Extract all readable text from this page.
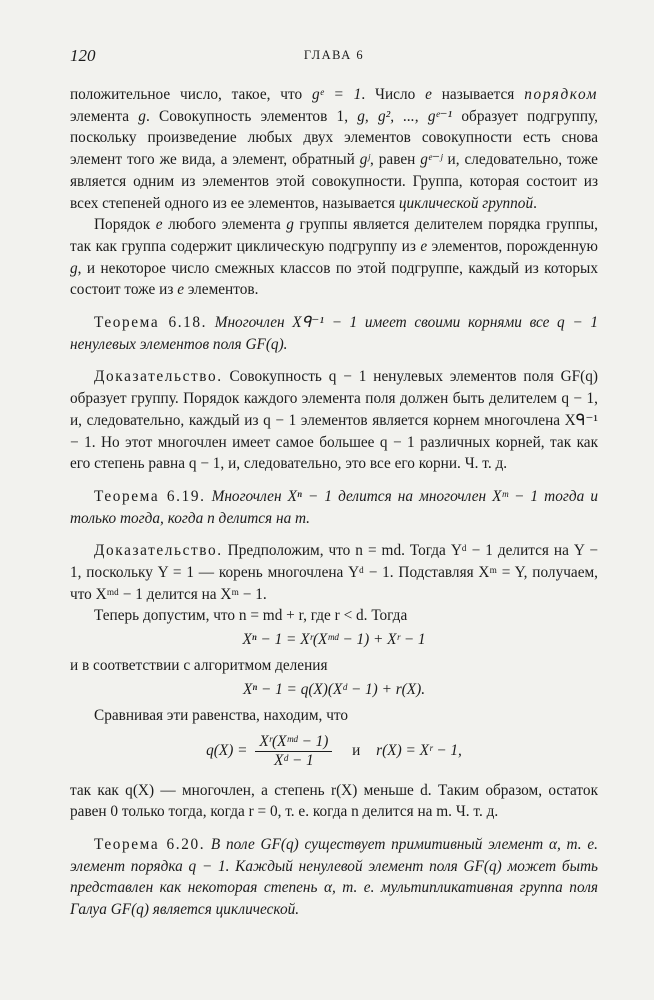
120	ГЛАВА 6

положительное число, такое, что gᵉ = 1. Число e называется порядком элемента g. Совокупность элементов 1, g, g², ..., gᵉ⁻¹ образует подгруппу, поскольку произведение любых двух элементов совокупности есть снова элемент того же вида, а элемент, обратный gʲ, равен gᵉ⁻ʲ и, следовательно, тоже является одним из элементов этой совокупности. Группа, которая состоит из всех степеней одного из ее элементов, называется циклической группой.

Порядок e любого элемента g группы является делителем порядка группы, так как группа содержит циклическую подгруппу из e элементов, порожденную g, и некоторое число смежных классов по этой подгруппе, каждый из которых состоит тоже из e элементов.

Теорема 6.18. Многочлен Xᑫ⁻¹ − 1 имеет своими корнями все q − 1 ненулевых элементов поля GF(q).

Доказательство. Совокупность q − 1 ненулевых элементов поля GF(q) образует группу. Порядок каждого элемента поля должен быть делителем q − 1, и, следовательно, каждый из q − 1 элементов является корнем многочлена Xᑫ⁻¹ − 1. Но этот многочлен имеет самое большее q − 1 различных корней, так как его степень равна q − 1, и, следовательно, это все его корни. Ч. т. д.

Теорема 6.19. Многочлен Xⁿ − 1 делится на многочлен Xᵐ − 1 тогда и только тогда, когда n делится на m.

Доказательство. Предположим, что n = md. Тогда Yᵈ − 1 делится на Y − 1, поскольку Y = 1 — корень многочлена Yᵈ − 1. Подставляя Xᵐ = Y, получаем, что Xᵐᵈ − 1 делится на Xᵐ − 1.

Теперь допустим, что n = md + r, где r < d. Тогда

Xⁿ − 1 = Xʳ(Xᵐᵈ − 1) + Xʳ − 1

и в соответствии с алгоритмом деления

Xⁿ − 1 = q(X)(Xᵈ − 1) + r(X).

Сравнивая эти равенства, находим, что

$q(X) = \frac{\text{Xʳ(Xᵐᵈ − 1)}}{\text{Xᵈ − 1}}$ и r(X) = Xʳ − 1,

так как q(X) — многочлен, а степень r(X) меньше d. Таким образом, остаток равен 0 только тогда, когда r = 0, т. е. когда n делится на m. Ч. т. д.

Теорема 6.20. В поле GF(q) существует примитивный элемент α, т. е. элемент порядка q − 1. Каждый ненулевой элемент поля GF(q) может быть представлен как некоторая степень α, т. е. мультипликативная группа поля Галуа GF(q) является циклической.
